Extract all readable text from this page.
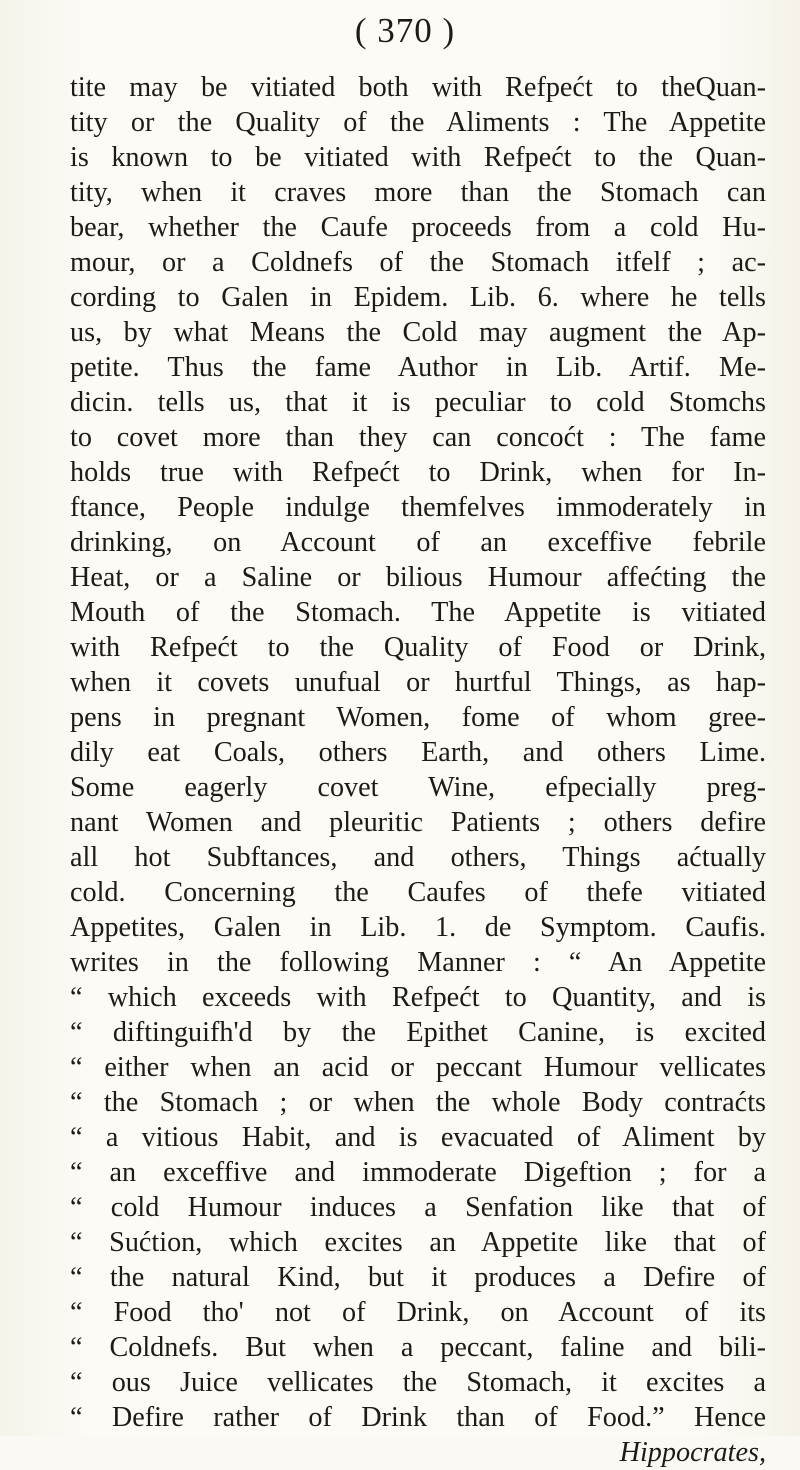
( 370 )
tite may be vitiated both with Refpećt to theQuan-
tity or the Quality of the Aliments : The Appetite
is known to be vitiated with Refpećt to the Quan-
tity, when it craves more than the Stomach can
bear, whether the Caufe proceeds from a cold Hu-
mour, or a Coldnefs of the Stomach itfelf ; ac-
cording to Galen in Epidem. Lib. 6. where he tells
us, by what Means the Cold may augment the Ap-
petite. Thus the fame Author in Lib. Artif. Me-
dicin. tells us, that it is peculiar to cold Stomchs
to covet more than they can concoćt : The fame
holds true with Refpećt to Drink, when for In-
ftance, People indulge themfelves immoderately in
drinking, on Account of an exceffive febrile
Heat, or a Saline or bilious Humour affećting the
Mouth of the Stomach. The Appetite is vitiated
with Refpećt to the Quality of Food or Drink,
when it covets unufual or hurtful Things, as hap-
pens in pregnant Women, fome of whom gree-
dily eat Coals, others Earth, and others Lime.
Some eagerly covet Wine, efpecially preg-
nant Women and pleuritic Patients ; others defire
all hot Subftances, and others, Things aćtually
cold. Concerning the Caufes of thefe vitiated
Appetites, Galen in Lib. 1. de Symptom. Caufis.
writes in the following Manner : “ An Appetite
“ which exceeds with Refpećt to Quantity, and is
“ diftinguifh'd by the Epithet Canine, is excited
“ either when an acid or peccant Humour vellicates
“ the Stomach ; or when the whole Body contraćts
“ a vitious Habit, and is evacuated of Aliment by
“ an exceffive and immoderate Digeftion ; for a
“ cold Humour induces a Senfation like that of
“ Sućtion, which excites an Appetite like that of
“ the natural Kind, but it produces a Defire of
“ Food tho' not of Drink, on Account of its
“ Coldnefs. But when a peccant, faline and bili-
“ ous Juice vellicates the Stomach, it excites a
“ Defire rather of Drink than of Food.” Hence
Hippocrates,
